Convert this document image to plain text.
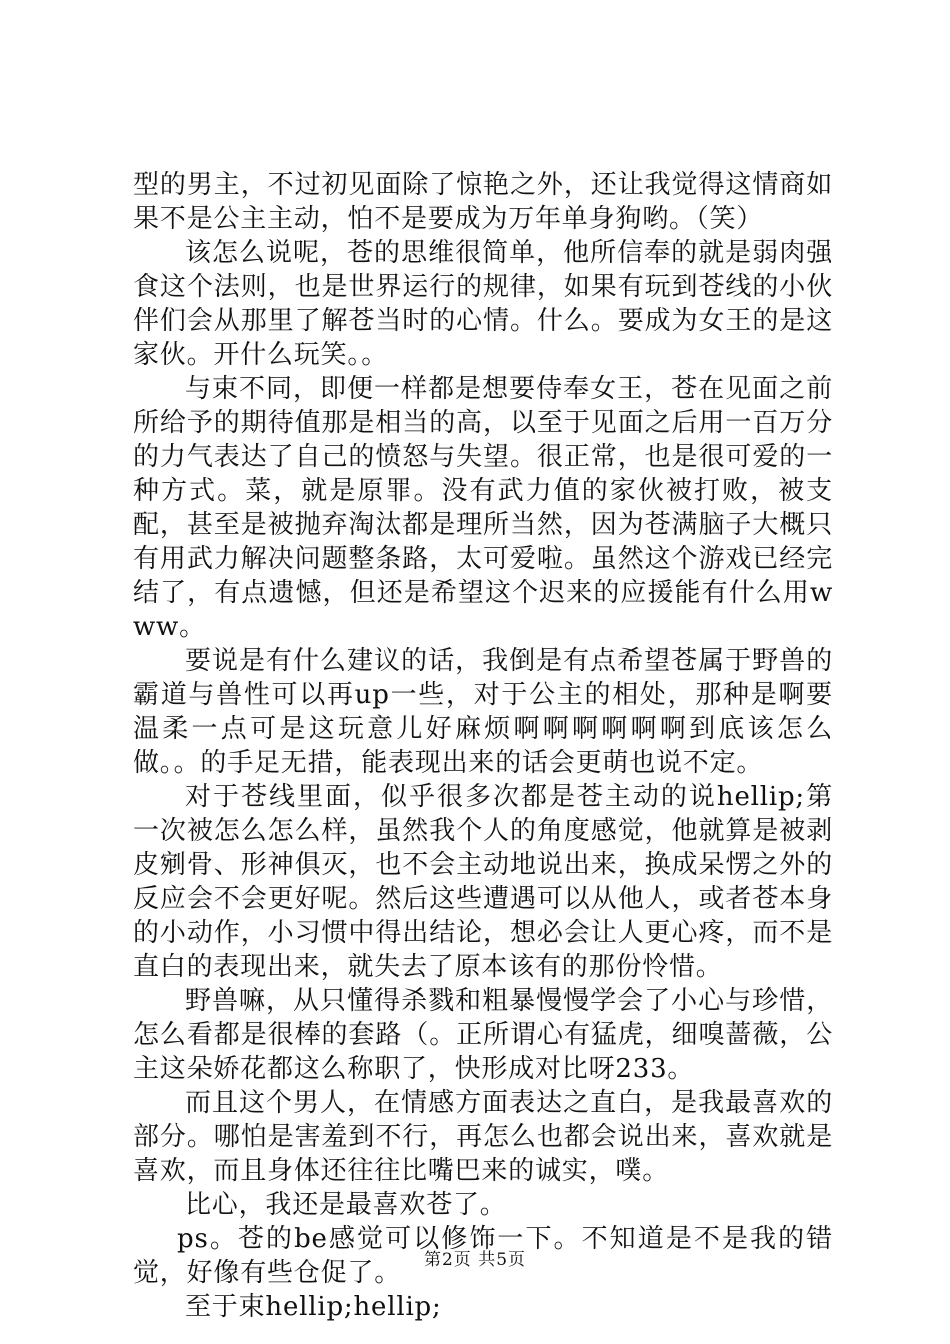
型的男主，不过初见面除了惊艳之外，还让我觉得这情商如果不是公主主动，怕不是要成为万年单身狗哟。（笑）

该怎么说呢，苍的思维很简单，他所信奉的就是弱肉强食这个法则，也是世界运行的规律，如果有玩到苍线的小伙伴们会从那里了解苍当时的心情。什么。要成为女王的是这家伙。开什么玩笑。。

与束不同，即便一样都是想要侍奉女王，苍在见面之前所给予的期待值那是相当的高，以至于见面之后用一百万分的力气表达了自己的愤怒与失望。很正常，也是很可爱的一种方式。菜，就是原罪。没有武力值的家伙被打败，被支配，甚至是被抛弃淘汰都是理所当然，因为苍满脑子大概只有用武力解决问题整条路，太可爱啦。虽然这个游戏已经完结了，有点遗憾，但还是希望这个迟来的应援能有什么用www。

要说是有什么建议的话，我倒是有点希望苍属于野兽的霸道与兽性可以再up一些，对于公主的相处，那种是啊要温柔一点可是这玩意儿好麻烦啊啊啊啊啊啊到底该怎么做。。的手足无措，能表现出来的话会更萌也说不定。

对于苍线里面，似乎很多次都是苍主动的说hellip;第一次被怎么怎么样，虽然我个人的角度感觉，他就算是被剥皮剜骨、形神俱灭，也不会主动地说出来，换成呆愣之外的反应会不会更好呢。然后这些遭遇可以从他人，或者苍本身的小动作，小习惯中得出结论，想必会让人更心疼，而不是直白的表现出来，就失去了原本该有的那份怜惜。

野兽嘛，从只懂得杀戮和粗暴慢慢学会了小心与珍惜，怎么看都是很棒的套路（。正所谓心有猛虎，细嗅蔷薇，公主这朵娇花都这么称职了，快形成对比呀233。

而且这个男人，在情感方面表达之直白，是我最喜欢的部分。哪怕是害羞到不行，再怎么也都会说出来，喜欢就是喜欢，而且身体还往往比嘴巴来的诚实，噗。

比心，我还是最喜欢苍了。

ps。苍的be感觉可以修饰一下。不知道是不是我的错觉，好像有些仓促了。

至于束hellip;hellip;

第2页 共5页
